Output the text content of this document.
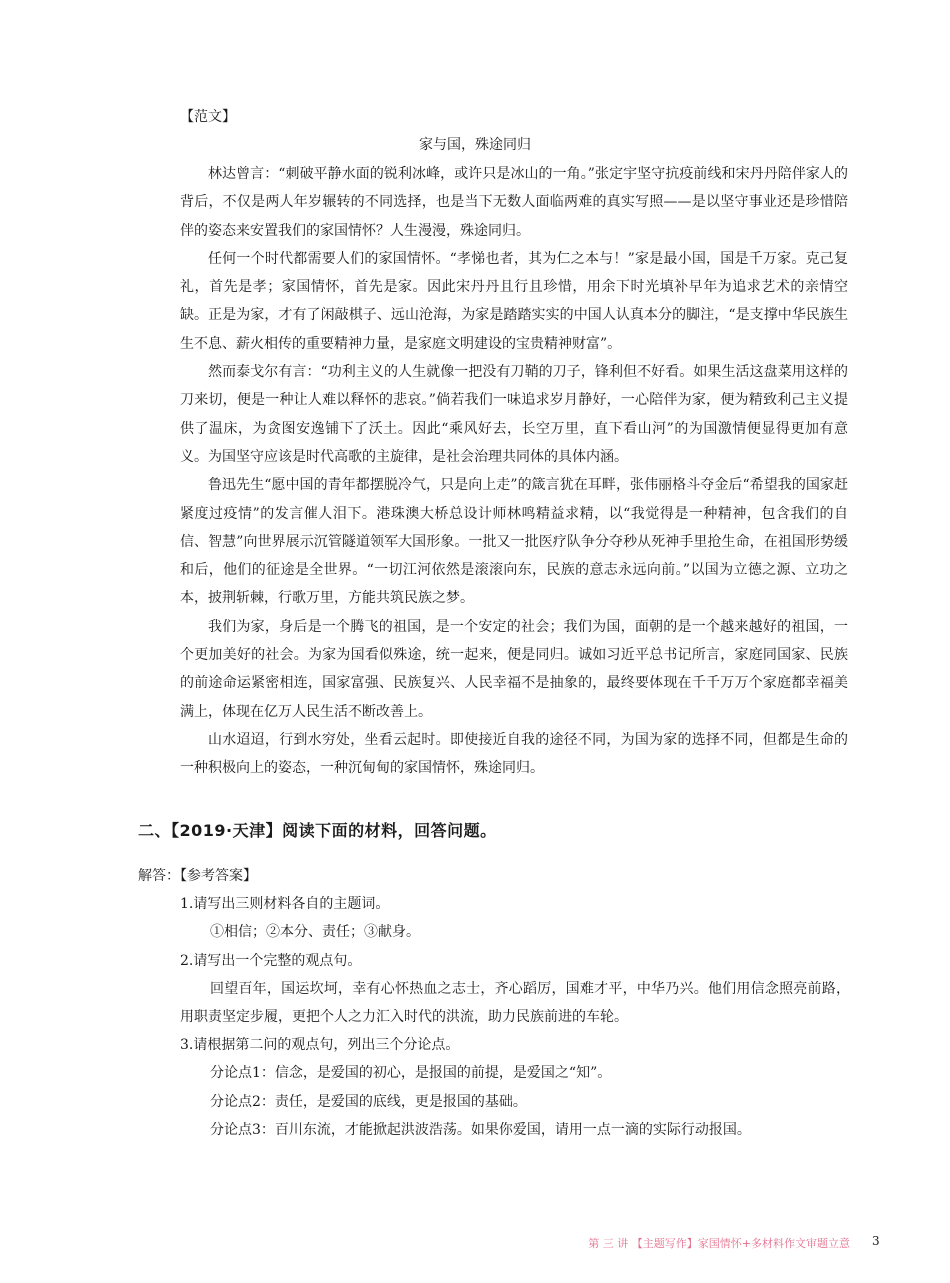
【范文】
家与国，殊途同归

林达曾言：“刺破平静水面的锐利冰峰，或许只是冰山的一角。”张定宇坚守抗疫前线和宋丹丹陪伴家人的背后，不仅是两人年岁辗转的不同选择，也是当下无数人面临两难的真实写照——是以坚守事业还是珍惜陪伴的姿态来安置我们的家国情怀？人生漫漫，殊途同归。

任何一个时代都需要人们的家国情怀。“孝悌也者，其为仁之本与！”家是最小国，国是千万家。克己复礼，首先是孝；家国情怀，首先是家。因此宋丹丹且行且珍惜，用余下时光填补早年为追求艺术的亲情空缺。正是为家，才有了闲敲棋子、远山沧海，为家是踏踏实实的中国人认真本分的脚注，“是支撑中华民族生生不息、薪火相传的重要精神力量，是家庭文明建设的宝贵精神财富”。

然而泰戈尔有言：“功利主义的人生就像一把没有刀鞘的刀子，锋利但不好看。如果生活这盘菜用这样的刀来切，便是一种让人难以释怀的悲哀。”倘若我们一味追求岁月静好，一心陪伴为家，便为精致利己主义提供了温床，为贪图安逸铺下了沃土。因此“乘风好去，长空万里，直下看山河”的为国激情便显得更加有意义。为国坚守应该是时代高歌的主旋律，是社会治理共同体的具体内涵。

鲁迅先生“愿中国的青年都摆脱冷气，只是向上走”的箴言犹在耳畔，张伟丽格斗夺金后“希望我的国家赶紧度过疫情”的发言催人泪下。港珠澳大桥总设计师林鸣精益求精，以“我觉得是一种精神，包含我们的自信、智慧”向世界展示沉管隧道领军大国形象。一批又一批医疗队争分夺秒从死神手里抢生命，在祖国形势缓和后，他们的征途是全世界。“一切江河依然是滚滚向东，民族的意志永远向前。”以国为立德之源、立功之本，披荆斩棘，行歌万里，方能共筑民族之梦。

我们为家，身后是一个腾飞的祖国，是一个安定的社会；我们为国，面朝的是一个越来越好的祖国，一个更加美好的社会。为家为国看似殊途，统一起来，便是同归。诚如习近平总书记所言，家庭同国家、民族的前途命运紧密相连，国家富强、民族复兴、人民幸福不是抽象的，最终要体现在千千万万个家庭都幸福美满上，体现在亿万人民生活不断改善上。

山水迢迢，行到水穷处，坐看云起时。即使接近自我的途径不同，为国为家的选择不同，但都是生命的一种积极向上的姿态，一种沉甸甸的家国情怀，殊途同归。

二、【2019·天津】阅读下面的材料，回答问题。
解答：【参考答案】
1.请写出三则材料各自的主题词。
①相信；②本分、责任；③献身。
2.请写出一个完整的观点句。
回望百年，国运坎坷，幸有心怀热血之志士，齐心蹈厉，国难才平，中华乃兴。他们用信念照亮前路，用职责坚定步履，更把个人之力汇入时代的洪流，助力民族前进的车轮。
3.请根据第二问的观点句，列出三个分论点。
分论点1：信念，是爱国的初心，是报国的前提，是爱国之“知”。
分论点2：责任，是爱国的底线，更是报国的基础。
分论点3：百川东流，才能掀起洪波浩荡。如果你爱国，请用一点一滴的实际行动报国。
第 三 讲 【主题写作】家国情怀+多材料作文审题立意 3
